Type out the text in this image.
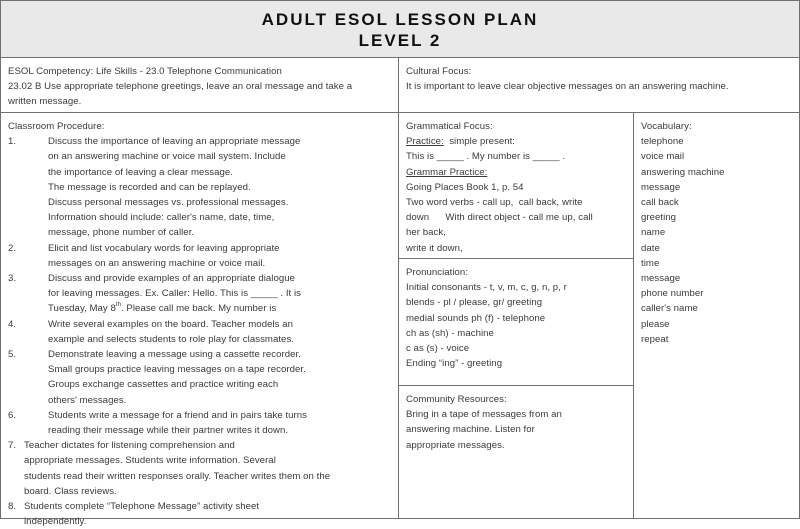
ADULT ESOL LESSON PLAN
LEVEL 2
ESOL Competency: Life Skills - 23.0 Telephone Communication
23.02 B Use appropriate telephone greetings, leave an oral message and take a
written message.
Cultural Focus:
It is important to leave clear objective messages on an answering machine.
Classroom Procedure:
1.	Discuss the importance of leaving an appropriate message
on an answering machine or voice mail system. Include
the importance of leaving a clear message.
The message is recorded and can be replayed.
Discuss personal messages vs. professional messages.
Information should include: caller's name, date, time,
message, phone number of caller.
2.	Elicit and list vocabulary words for leaving appropriate
messages on an answering machine or voice mail.
3.	Discuss and provide examples of an appropriate dialogue
for leaving messages. Ex. Caller: Hello. This is _____ . It is
Tuesday, May 8th. Please call me back. My number is
4.	Write several examples on the board. Teacher models an
example and selects students to role play for classmates.
5.	Demonstrate leaving a message using a cassette recorder.
Small groups practice leaving messages on a tape recorder.
Groups exchange cassettes and practice writing each
others' messages.
6.	Students write a message for a friend and in pairs take turns
reading their message while their partner writes it down.
7. Teacher dictates for listening comprehension and
appropriate messages. Students write information. Several
students read their written responses orally. Teacher writes them on the
board. Class reviews.
8. Students complete “Telephone Message” activity sheet
independently.
Grammatical Focus:
Practice:  simple present:
This is _____ . My number is _____ .
Grammar Practice:
Going Places Book 1, p. 54
Two word verbs - call up,  call back, write
down      With direct object - call me up, call
her back,
write it down,
Pronunciation:
Initial consonants - t, v, m, c, g, n, p, r
blends - pl / please, gr/ greeting
medial sounds ph (f) - telephone
ch as (sh) - machine
c as (s) - voice
Ending “ing” - greeting
Community Resources:
Bring in a tape of messages from an
answering machine. Listen for
appropriate messages.
Vocabulary:
telephone
voice mail
answering machine
message
call back
greeting
name
date
time
message
phone number
caller's name
please
repeat
